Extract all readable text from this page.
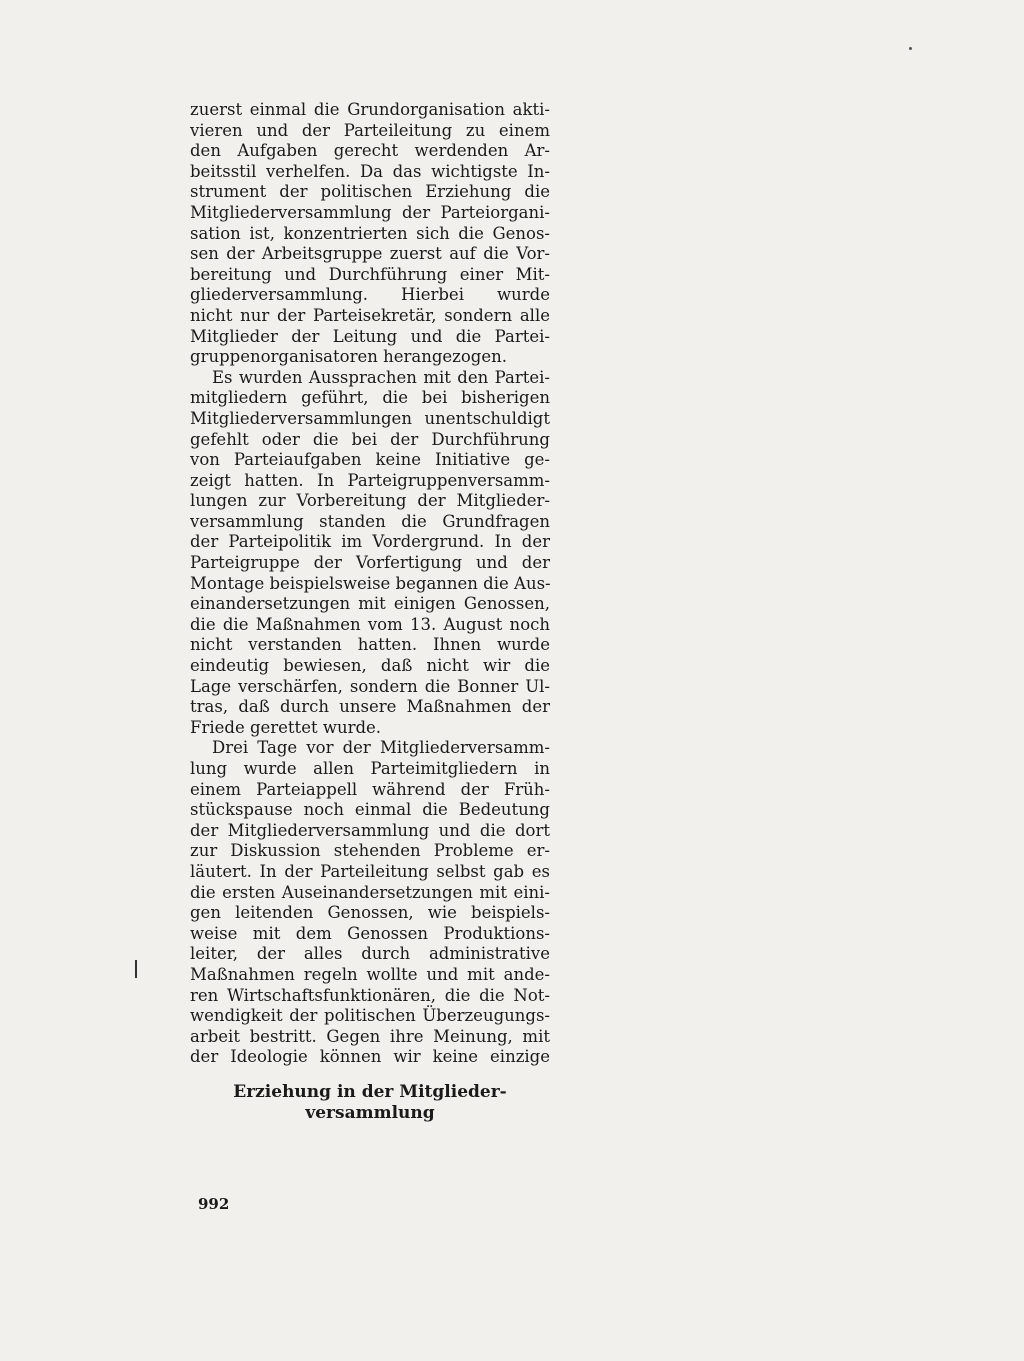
zuerst einmal die Grundorganisation akti-
vieren und der Parteileitung zu einem
den Aufgaben gerecht werdenden Ar-
beitsstil verhelfen. Da das wichtigste In-
strument der politischen Erziehung die
Mitgliederversammlung der Parteiorgani-
sation ist, konzentrierten sich die Genos-
sen der Arbeitsgruppe zuerst auf die Vor-
bereitung und Durchführung einer Mit-
gliederversammlung. Hierbei wurde
nicht nur der Parteisekretär, sondern alle
Mitglieder der Leitung und die Partei-
gruppenorganisatoren herangezogen.
Es wurden Aussprachen mit den Partei-
mitgliedern geführt, die bei bisherigen
Mitgliederversammlungen unentschuldigt
gefehlt oder die bei der Durchführung
von Parteiaufgaben keine Initiative ge-
zeigt hatten. In Parteigruppenversamm-
lungen zur Vorbereitung der Mitglieder-
versammlung standen die Grundfragen
der Parteipolitik im Vordergrund. In der
Parteigruppe der Vorfertigung und der
Montage beispielsweise begannen die Aus-
einandersetzungen mit einigen Genossen,
die die Maßnahmen vom 13. August noch
nicht verstanden hatten. Ihnen wurde
eindeutig bewiesen, daß nicht wir die
Lage verschärfen, sondern die Bonner Ul-
tras, daß durch unsere Maßnahmen der
Friede gerettet wurde.
Drei Tage vor der Mitgliederversamm-
lung wurde allen Parteimitgliedern in
einem Parteiappell während der Früh-
stückspause noch einmal die Bedeutung
der Mitgliederversammlung und die dort
zur Diskussion stehenden Probleme er-
läutert. In der Parteileitung selbst gab es
die ersten Auseinandersetzungen mit eini-
gen leitenden Genossen, wie beispiels-
weise mit dem Genossen Produktions-
leiter, der alles durch administrative
Maßnahmen regeln wollte und mit ande-
ren Wirtschaftsfunktionären, die die Not-
wendigkeit der politischen Überzeugungs-
arbeit bestritt. Gegen ihre Meinung, mit
der Ideologie können wir keine einzige
Erziehung in der Mitglieder-
versammlung
992
